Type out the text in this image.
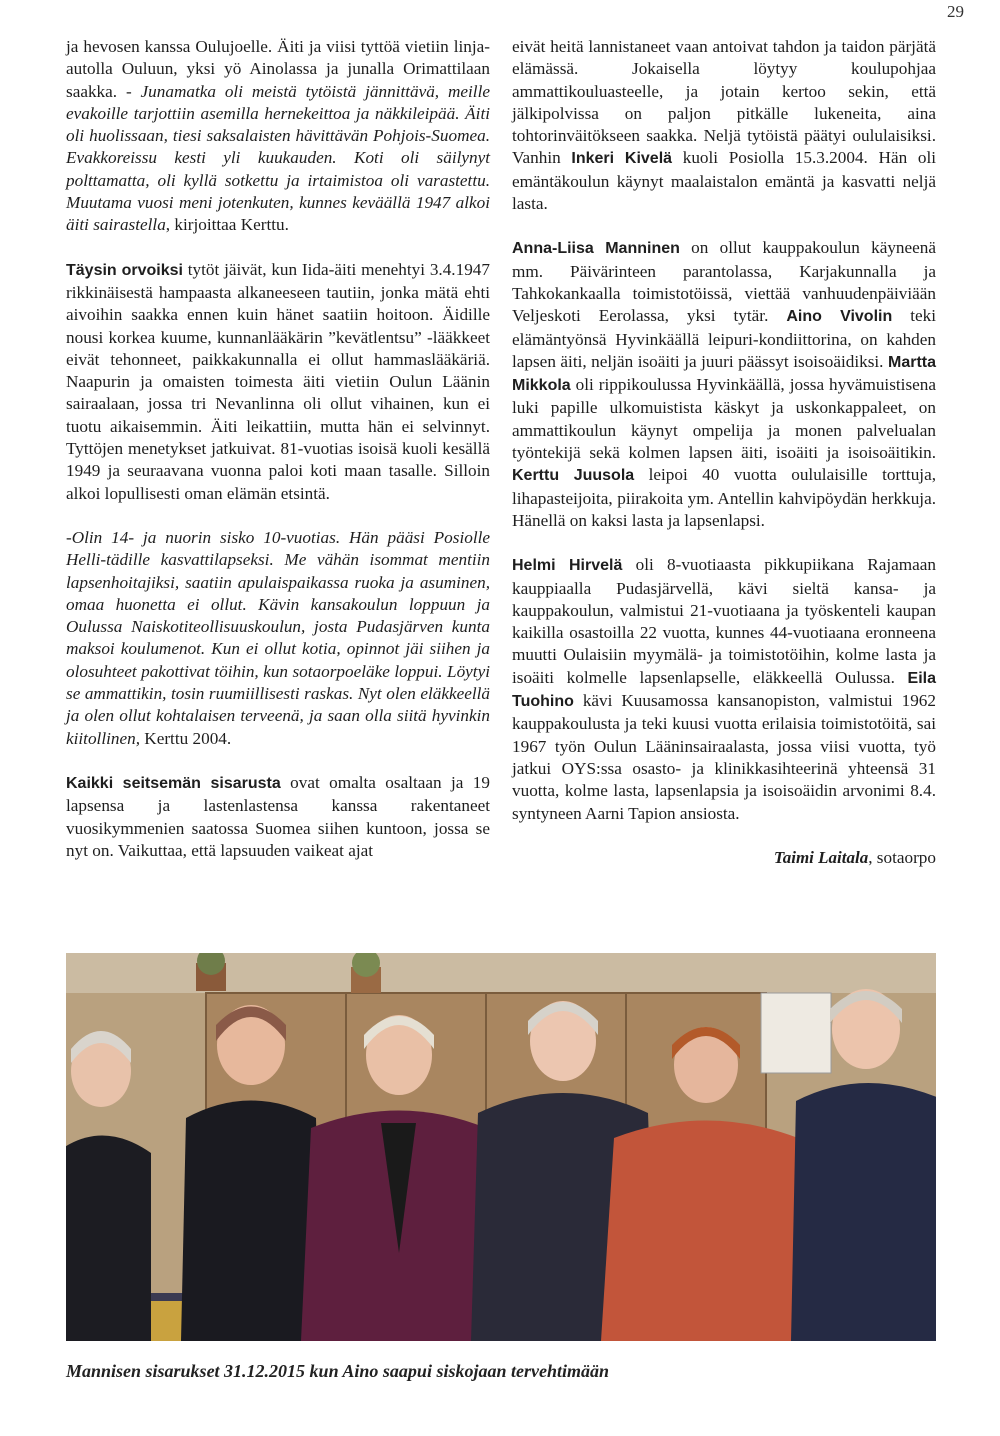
29

ja hevosen kanssa Oulujoelle. Äiti ja viisi tyttöä vietiin linja-autolla Ouluun, yksi yö Ainolassa ja junalla Orimattilaan saakka. - Junamatka oli meistä tytöistä jännittävä, meille evakoille tarjottiin asemilla hernekeittoa ja näkkileipää. Äiti oli huolissaan, tiesi saksalaisten hävittävän Pohjois-Suomea. Evakkoreissu kesti yli kuukauden. Koti oli säilynyt polttamatta, oli kyllä sotkettu ja irtaimistoa oli varastettu. Muutama vuosi meni jotenkuten, kunnes keväällä 1947 alkoi äiti sairastella, kirjoittaa Kerttu.

Täysin orvoiksi tytöt jäivät, kun Iida-äiti menehtyi 3.4.1947 rikkinäisestä hampaasta alkaneeseen tautiin, jonka mätä ehti aivoihin saakka ennen kuin hänet saatiin hoitoon. Äidille nousi korkea kuume, kunnanlääkärin ”kevätlentsu” -lääkkeet eivät tehonneet, paikkakunnalla ei ollut hammaslääkäriä. Naapurin ja omaisten toimesta äiti vietiin Oulun Läänin sairaalaan, jossa tri Nevanlinna oli ollut vihainen, kun ei tuotu aikaisemmin. Äiti leikattiin, mutta hän ei selvinnyt. Tyttöjen menetykset jatkuivat. 81-vuotias isoisä kuoli kesällä 1949 ja seuraavana vuonna paloi koti maan tasalle. Silloin alkoi lopullisesti oman elämän etsintä.

-Olin 14- ja nuorin sisko 10-vuotias. Hän pääsi Posiolle Helli-tädille kasvattilapseksi. Me vähän isommat mentiin lapsenhoitajiksi, saatiin apulaispaikassa ruoka ja asuminen, omaa huonetta ei ollut. Kävin kansakoulun loppuun ja Oulussa Naiskotiteollisuuskoulun, josta Pudasjärven kunta maksoi koulumenot. Kun ei ollut kotia, opinnot jäi siihen ja olosuhteet pakottivat töihin, kun sotaorpoeläke loppui. Löytyi se ammattikin, tosin ruumiillisesti raskas. Nyt olen eläkkeellä ja olen ollut kohtalaisen terveenä, ja saan olla siitä hyvinkin kiitollinen, Kerttu 2004.

Kaikki seitsemän sisarusta ovat omalta osaltaan ja 19 lapsensa ja lastenlastensa kanssa rakentaneet vuosikymmenien saatossa Suomea siihen kuntoon, jossa se nyt on. Vaikuttaa, että lapsuuden vaikeat ajat

eivät heitä lannistaneet vaan antoivat tahdon ja taidon pärjätä elämässä. Jokaisella löytyy koulupohjaa ammattikouluasteelle, ja jotain kertoo sekin, että jälkipolvissa on paljon pitkälle lukeneita, aina tohtorinväitökseen saakka. Neljä tytöistä päätyi oululaisiksi. Vanhin Inkeri Kivelä kuoli Posiolla 15.3.2004. Hän oli emäntäkoulun käynyt maalaistalon emäntä ja kasvatti neljä lasta.

Anna-Liisa Manninen on ollut kauppakoulun käyneenä mm. Päivärinteen parantolassa, Karjakunnalla ja Tahkokankaalla toimistotöissä, viettää vanhuudenpäiviään Veljeskoti Eerolassa, yksi tytär. Aino Vivolin teki elämäntyönsä Hyvinkäällä leipuri-kondiittorina, on kahden lapsen äiti, neljän isoäiti ja juuri päässyt isoisoäidiksi. Martta Mikkola oli rippikoulussa Hyvinkäällä, jossa hyvämuistisena luki papille ulkomuistista käskyt ja uskonkappaleet, on ammattikoulun käynyt ompelija ja monen palvelualan työntekijä sekä kolmen lapsen äiti, isoäiti ja isoisoäitikin. Kerttu Juusola leipoi 40 vuotta oululaisille torttuja, lihapasteijoita, piirakoita ym. Antellin kahvipöydän herkkuja. Hänellä on kaksi lasta ja lapsenlapsi.

Helmi Hirvelä oli 8-vuotiaasta pikkupiikana Rajamaan kauppiaalla Pudasjärvellä, kävi sieltä kansa- ja kauppakoulun, valmistui 21-vuotiaana ja työskenteli kaupan kaikilla osastoilla 22 vuotta, kunnes 44-vuotiaana eronneena muutti Oulaisiin myymälä- ja toimistotöihin, kolme lasta ja isoäiti kolmelle lapsenlapselle, eläkkeellä Oulussa. Eila Tuohino kävi Kuusamossa kansanopiston, valmistui 1962 kauppakoulusta ja teki kuusi vuotta erilaisia toimistotöitä, sai 1967 työn Oulun Lääninsairaalasta, jossa viisi vuotta, työ jatkui OYS:ssa osasto- ja klinikkasihteerinä yhteensä 31 vuotta, kolme lasta, lapsenlapsia ja isoisoäidin arvonimi 8.4. syntyneen Aarni Tapion ansiosta.

Taimi Laitala, sotaorpo
Mannisen sisarukset 31.12.2015 kun Aino saapui siskojaan tervehtimään
